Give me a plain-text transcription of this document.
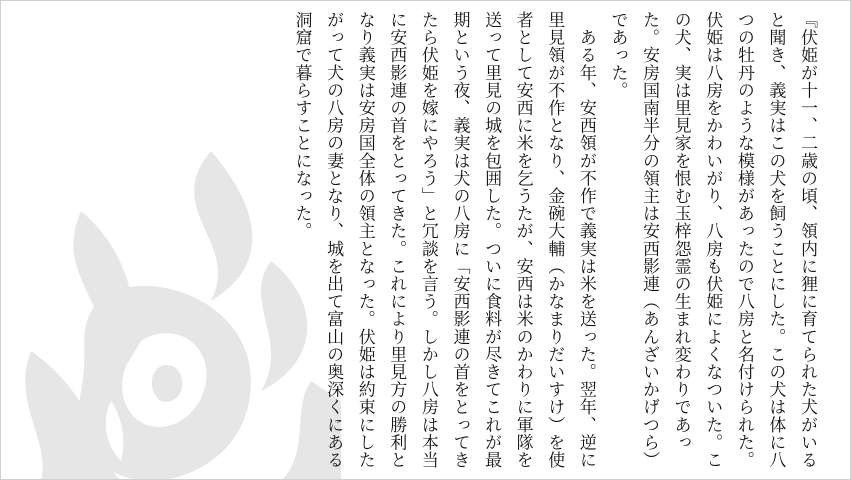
『伏姫が十一、二歳の頃、領内に狸に育てられた犬がいると聞き、義実はこの犬を飼うことにした。この犬は体に八つの牡丹のような模様があったので八房と名付けられた。伏姫は八房をかわいがり、八房も伏姫によくなついた。この犬、実は里見家を恨む玉梓怨霊の生まれ変わりであった。安房国南半分の領主は安西影連（あんざいかげつら）であった。

　ある年、安西領が不作で義実は米を送った。翌年、逆に里見領が不作となり、金碗大輔（かなまりだいすけ）を使者として安西に米を乞うたが、安西は米のかわりに軍隊を送って里見の城を包囲した。ついに食料が尽きてこれが最期という夜、義実は犬の八房に「安西影連の首をとってきたら伏姫を嫁にやろう」と冗談を言う。しかし八房は本当に安西影連の首をとってきた。これにより里見方の勝利となり義実は安房国全体の領主となった。伏姫は約束にしたがって犬の八房の妻となり、城を出て富山の奥深くにある洞窟で暮らすことになった。
